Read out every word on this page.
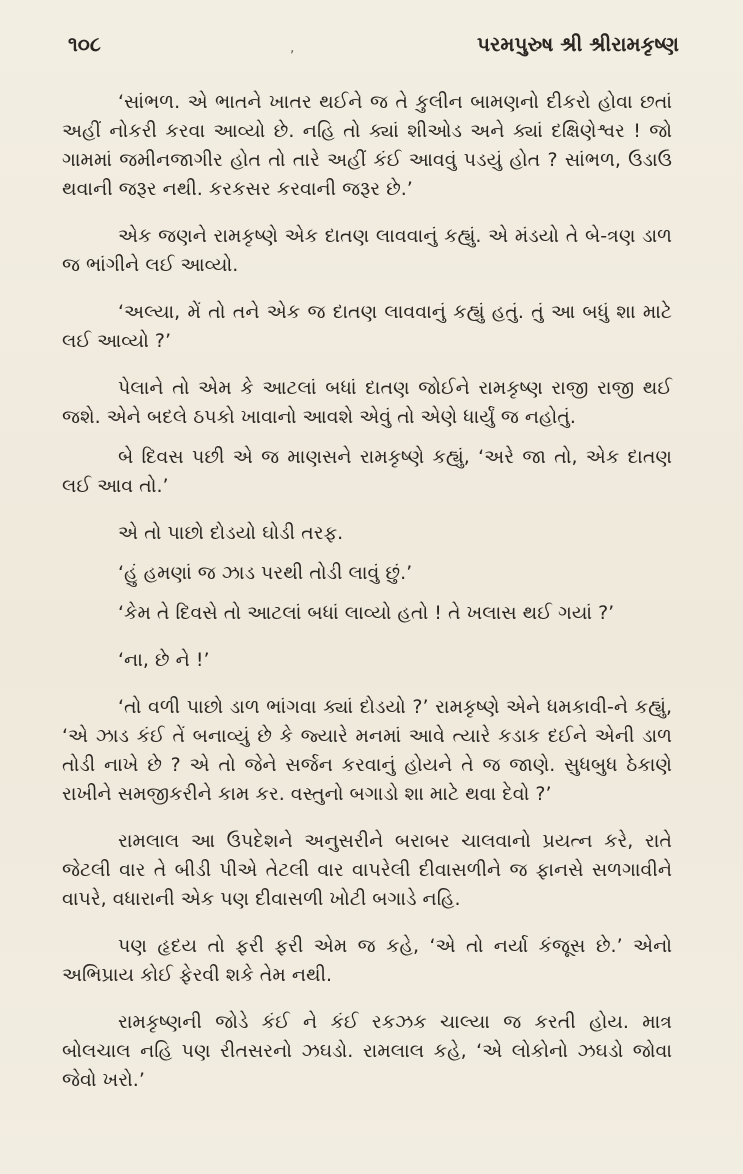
૧૦૮	,	પરમપુરુષ શ્રી શ્રીરામકૃષ્ણ

‘સાંભળ. એ ભાતને ખાતર થઈને જ તે કુલીન બામણનો દીકરો હોવા છતાં અહીં નોકરી કરવા આવ્યો છે. નહિ તો ક્યાં શીઓડ અને ક્યાં દક્ષિણેશ્વર ! જો ગામમાં જમીનજાગીર હોત તો તારે અહીં કંઈ આવવું પડયું હોત ? સાંભળ, ઉડાઉ થવાની જરૂર નથી. કરકસર કરવાની જરૂર છે.’

એક જણને રામકૃષ્ણે એક દાતણ લાવવાનું કહ્યું. એ મંડયો તે બે-ત્રણ ડાળ જ ભાંગીને લઈ આવ્યો.

‘અલ્યા, મેં તો તને એક જ દાતણ લાવવાનું કહ્યું હતું. તું આ બધું શા માટે લઈ આવ્યો ?’

પેલાને તો એમ કે આટલાં બધાં દાતણ જોઈને રામકૃષ્ણ રાજી રાજી થઈ જશે. એને બદલે ઠપકો ખાવાનો આવશે એવું તો એણે ધાર્યું જ નહોતું.

બે દિવસ પછી એ જ માણસને રામકૃષ્ણે કહ્યું, ‘અરે જા તો, એક દાતણ લઈ આવ તો.’

એ તો પાછો દોડયો ઘોડી તરફ.

‘હું હમણાં જ ઝાડ પરથી તોડી લાવું છું.’

‘કેમ તે દિવસે તો આટલાં બધાં લાવ્યો હતો ! તે ખલાસ થઈ ગયાં ?’

‘ના, છે ને !’

‘તો વળી પાછો ડાળ ભાંગવા ક્યાં દોડયો ?’ રામકૃષ્ણે એને ધમકાવી-ને કહ્યું, ‘એ ઝાડ કંઈ તેં બનાવ્યું છે કે જ્યારે મનમાં આવે ત્યારે કડાક દઈને એની ડાળ તોડી નાખે છે ? એ તો જેને સર્જન કરવાનું હોયને તે જ જાણે. સુધબુધ ઠેકાણે રાખીને સમજીકરીને કામ કર. વસ્તુનો બગાડો શા માટે થવા દેવો ?’

રામલાલ આ ઉપદેશને અનુસરીને બરાબર ચાલવાનો પ્રયત્ન કરે, રાતે જેટલી વાર તે બીડી પીએ તેટલી વાર વાપરેલી દીવાસળીને જ ફાનસે સળગાવીને વાપરે, વધારાની એક પણ દીવાસળી ખોટી બગાડે નહિ.

પણ હૃદય તો ફરી ફરી એમ જ કહે, ‘એ તો નર્યા કંજૂસ છે.’ એનો અભિપ્રાય કોઈ ફેરવી શકે તેમ નથી.

રામકૃષ્ણની જોડે કંઈ ને કંઈ રકઝક ચાલ્યા જ કરતી હોય. માત્ર બોલચાલ નહિ પણ રીતસરનો ઝઘડો. રામલાલ કહે, ‘એ લોકોનો ઝઘડો જોવા જેવો ખરો.’
